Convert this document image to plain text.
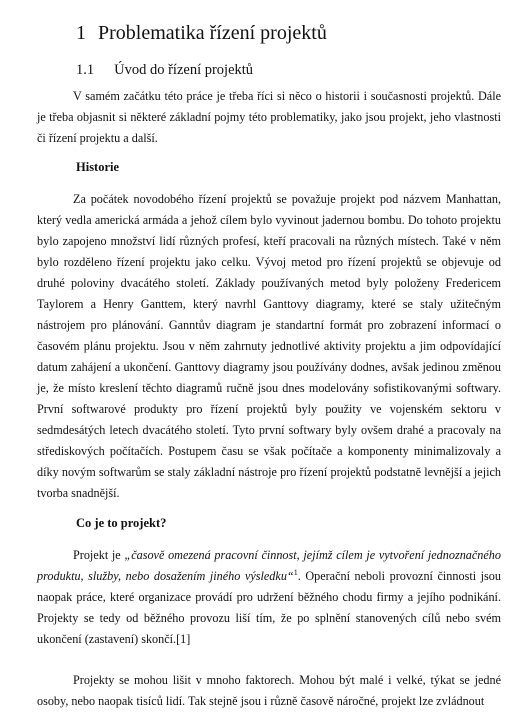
1 Problematika řízení projektů
1.1 Úvod do řízení projektů

V samém začátku této práce je třeba říci si něco o historii i současnosti projektů. Dále je třeba objasnit si některé základní pojmy této problematiky, jako jsou projekt, jeho vlastnosti či řízení projektu a další.

Historie

Za počátek novodobého řízení projektů se považuje projekt pod názvem Manhattan, který vedla americká armáda a jehož cílem bylo vyvinout jadernou bombu. Do tohoto projektu bylo zapojeno množství lidí různých profesí, kteří pracovali na různých místech. Také v něm bylo rozděleno řízení projektu jako celku. Vývoj metod pro řízení projektů se objevuje od druhé poloviny dvacátého století. Základy používaných metod byly položeny Fredericem Taylorem a Henry Ganttem, který navrhl Ganttovy diagramy, které se staly užitečným nástrojem pro plánování. Ganntův diagram je standartní formát pro zobrazení informací o časovém plánu projektu. Jsou v něm zahrnuty jednotlivé aktivity projektu a jim odpovídající datum zahájení a ukončení. Ganttovy diagramy jsou používány dodnes, avšak jedinou změnou je, že místo kreslení těchto diagramů ručně jsou dnes modelovány sofistikovanými softwary. První softwarové produkty pro řízení projektů byly použity ve vojenském sektoru v sedmdesátých letech dvacátého století. Tyto první softwary byly ovšem drahé a pracovaly na střediskových počítačích. Postupem času se však počítače a komponenty minimalizovaly a díky novým softwarům se staly základní nástroje pro řízení projektů podstatně levnější a jejich tvorba snadnější.

Co je to projekt?

Projekt je „časově omezená pracovní činnost, jejímž cílem je vytvoření jednoznačného produktu, služby, nebo dosažením jiného výsledku“$^1$. Operační neboli provozní činnosti jsou naopak práce, které organizace provádí pro udržení běžného chodu firmy a jejího podnikání. Projekty se tedy od běžného provozu liší tím, že po splnění stanovených cílů nebo svém ukončení (zastavení) skončí.[1]

Projekty se mohou lišit v mnoho faktorech. Mohou být malé i velké, týkat se jedné osoby, nebo naopak tisíců lidí. Tak stejně jsou i různě časově náročné, projekt lze zvládnout
